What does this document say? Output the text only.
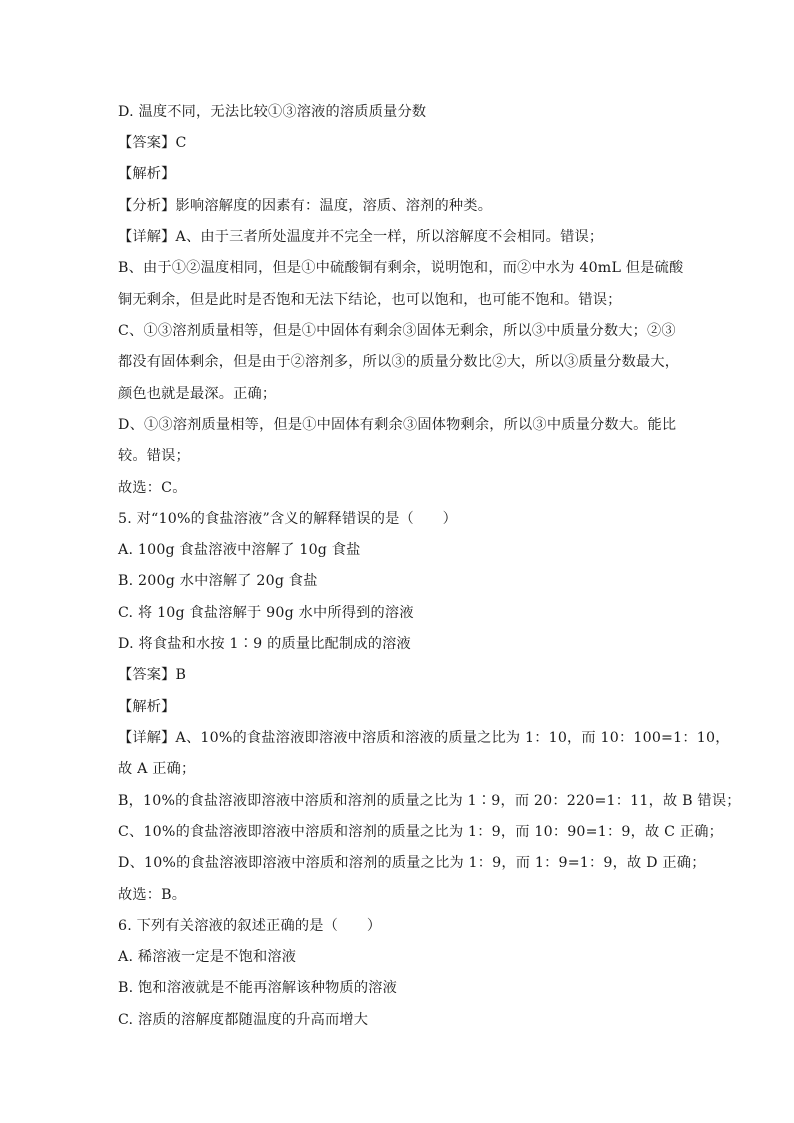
D. 温度不同，无法比较①③溶液的溶质质量分数
【答案】C
【解析】
【分析】影响溶解度的因素有：温度，溶质、溶剂的种类。
【详解】A、由于三者所处温度并不完全一样，所以溶解度不会相同。错误；
B、由于①②温度相同，但是①中硫酸铜有剩余，说明饱和，而②中水为 40mL 但是硫酸
铜无剩余，但是此时是否饱和无法下结论，也可以饱和，也可能不饱和。错误；
C、①③溶剂质量相等，但是①中固体有剩余③固体无剩余，所以③中质量分数大；②③
都没有固体剩余，但是由于②溶剂多，所以③的质量分数比②大，所以③质量分数最大，
颜色也就是最深。正确；
D、①③溶剂质量相等，但是①中固体有剩余③固体物剩余，所以③中质量分数大。能比
较。错误；
故选：C。
5. 对“10%的食盐溶液”含义的解释错误的是（　　）
A. 100g 食盐溶液中溶解了 10g 食盐
B. 200g 水中溶解了 20g 食盐
C. 将 10g 食盐溶解于 90g 水中所得到的溶液
D. 将食盐和水按 1∶9 的质量比配制成的溶液
【答案】B
【解析】
【详解】A、10%的食盐溶液即溶液中溶质和溶液的质量之比为 1：10，而 10：100=1：10，
故 A 正确；
B，10%的食盐溶液即溶液中溶质和溶剂的质量之比为 1∶9，而 20：220=1：11，故 B 错误；
C、10%的食盐溶液即溶液中溶质和溶剂的质量之比为 1：9，而 10：90=1：9，故 C 正确；
D、10%的食盐溶液即溶液中溶质和溶剂的质量之比为 1：9，而 1：9=1：9，故 D 正确；
故选：B。
6. 下列有关溶液的叙述正确的是（　　）
A. 稀溶液一定是不饱和溶液
B. 饱和溶液就是不能再溶解该种物质的溶液
C. 溶质的溶解度都随温度的升高而增大
